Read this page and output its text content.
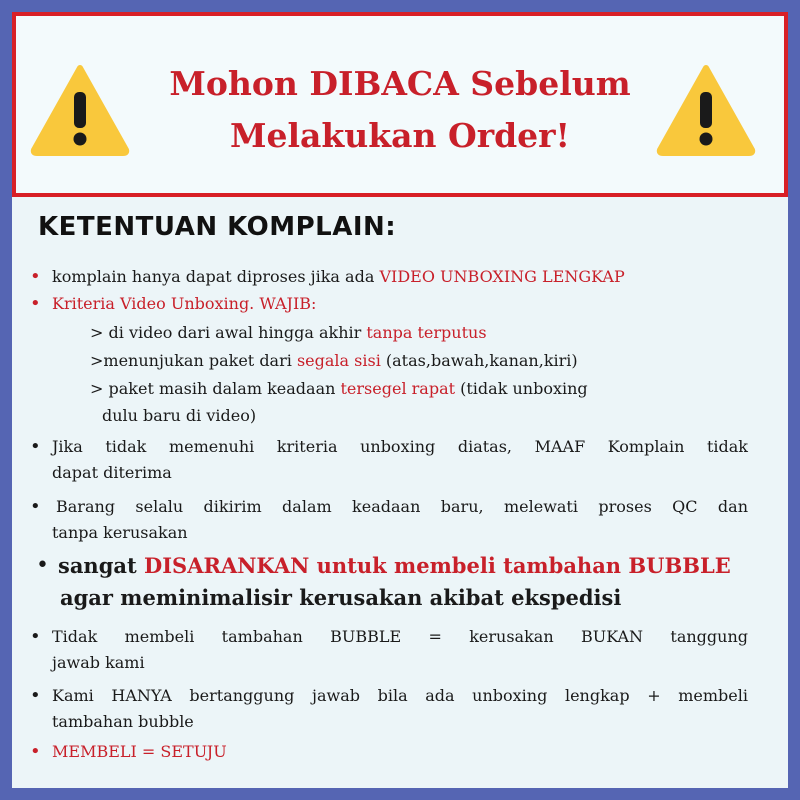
Mohon DIBACA Sebelum
Melakukan Order!
KETENTUAN KOMPLAIN:
• komplain hanya dapat diproses jika ada VIDEO UNBOXING LENGKAP
• Kriteria Video Unboxing. WAJIB:
> di video dari awal hingga akhir tanpa terputus
>menunjukan paket dari segala sisi (atas,bawah,kanan,kiri)
> paket masih dalam keadaan tersegel rapat (tidak unboxing
dulu baru di video)
• Jika tidak memenuhi kriteria unboxing diatas, MAAF Komplain tidak
dapat diterima
• Barang selalu dikirim dalam keadaan baru, melewati proses QC dan
tanpa kerusakan
• sangat DISARANKAN untuk membeli tambahan BUBBLE
agar meminimalisir kerusakan akibat ekspedisi
• Tidak membeli tambahan BUBBLE = kerusakan BUKAN tanggung
jawab kami
• Kami HANYA bertanggung jawab bila ada unboxing lengkap + membeli
tambahan bubble
• MEMBELI = SETUJU
